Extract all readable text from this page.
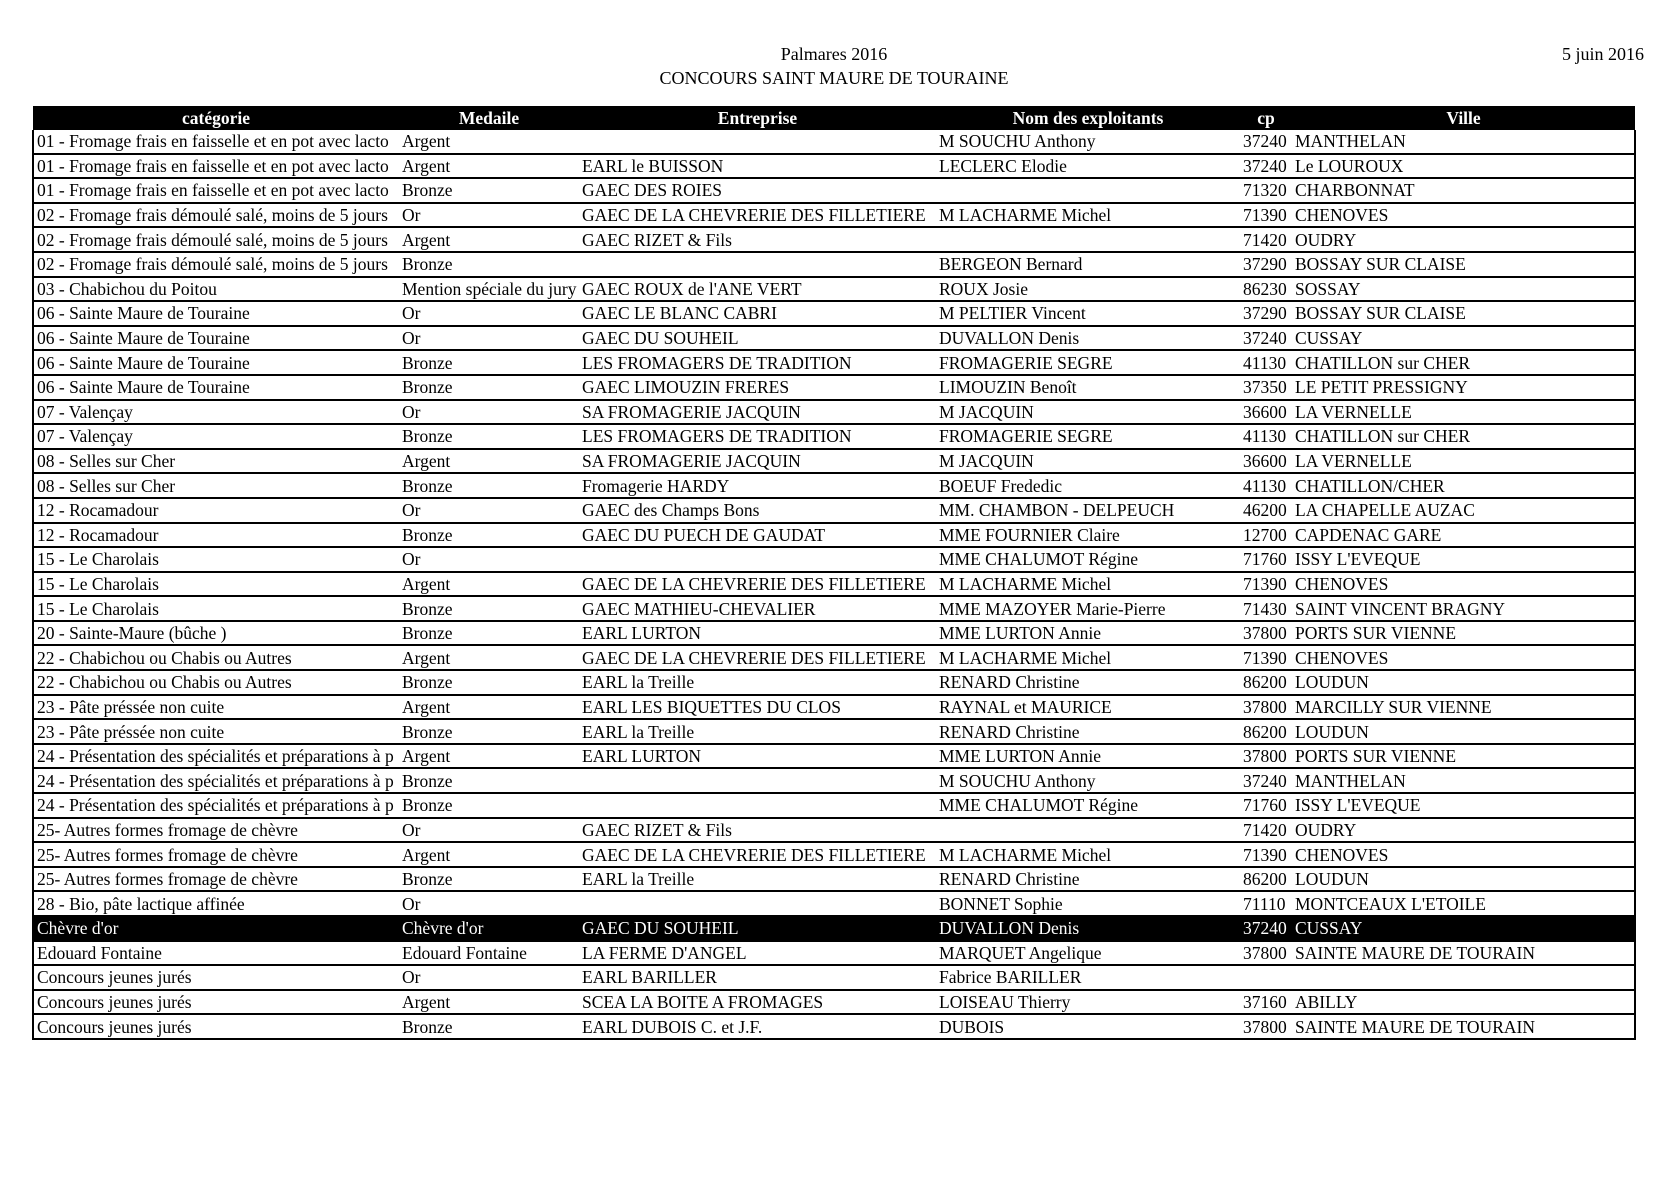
Palmares 2016
CONCOURS SAINT MAURE DE TOURAINE
5 juin 2016
catégorie	Medaile	Entreprise	Nom des exploitants	cp	Ville
01 - Fromage frais en faisselle et en pot avec lacto	Argent		M SOUCHU Anthony	37240	MANTHELAN
01 - Fromage frais en faisselle et en pot avec lacto	Argent	EARL le BUISSON	LECLERC Elodie	37240	Le LOUROUX
01 - Fromage frais en faisselle et en pot avec lacto	Bronze	GAEC DES ROIES		71320	CHARBONNAT
02 - Fromage frais démoulé salé, moins de 5 jours	Or	GAEC DE LA CHEVRERIE DES FILLETIERE	M LACHARME Michel	71390	CHENOVES
02 - Fromage frais démoulé salé, moins de 5 jours	Argent	GAEC RIZET & Fils		71420	OUDRY
02 - Fromage frais démoulé salé, moins de 5 jours	Bronze		BERGEON Bernard	37290	BOSSAY SUR CLAISE
03 - Chabichou du Poitou	Mention spéciale du jury	GAEC ROUX de l'ANE VERT	ROUX Josie	86230	SOSSAY
06 - Sainte Maure de Touraine	Or	GAEC LE BLANC CABRI	M PELTIER Vincent	37290	BOSSAY SUR CLAISE
06 - Sainte Maure de Touraine	Or	GAEC DU SOUHEIL	DUVALLON Denis	37240	CUSSAY
06 - Sainte Maure de Touraine	Bronze	LES FROMAGERS DE TRADITION	FROMAGERIE SEGRE	41130	CHATILLON sur CHER
06 - Sainte Maure de Touraine	Bronze	GAEC LIMOUZIN FRERES	LIMOUZIN Benoît	37350	LE PETIT PRESSIGNY
07 - Valençay	Or	SA FROMAGERIE JACQUIN	M JACQUIN	36600	LA VERNELLE
07 - Valençay	Bronze	LES FROMAGERS DE TRADITION	FROMAGERIE SEGRE	41130	CHATILLON sur CHER
08 - Selles sur Cher	Argent	SA FROMAGERIE JACQUIN	M JACQUIN	36600	LA VERNELLE
08 - Selles sur Cher	Bronze	Fromagerie HARDY	BOEUF Frededic	41130	CHATILLON/CHER
12 - Rocamadour	Or	GAEC des Champs Bons	MM. CHAMBON - DELPEUCH	46200	LA CHAPELLE AUZAC
12 - Rocamadour	Bronze	GAEC DU PUECH DE GAUDAT	MME FOURNIER Claire	12700	CAPDENAC GARE
15 - Le Charolais	Or		MME CHALUMOT Régine	71760	ISSY L'EVEQUE
15 - Le Charolais	Argent	GAEC DE LA CHEVRERIE DES FILLETIERE	M LACHARME Michel	71390	CHENOVES
15 - Le Charolais	Bronze	GAEC MATHIEU-CHEVALIER	MME MAZOYER Marie-Pierre	71430	SAINT VINCENT BRAGNY
20 - Sainte-Maure (bûche )	Bronze	EARL LURTON	MME LURTON Annie	37800	PORTS SUR VIENNE
22 - Chabichou ou Chabis ou Autres	Argent	GAEC DE LA CHEVRERIE DES FILLETIERE	M LACHARME Michel	71390	CHENOVES
22 - Chabichou ou Chabis ou Autres	Bronze	EARL la Treille	RENARD Christine	86200	LOUDUN
23 - Pâte préssée non cuite	Argent	EARL LES BIQUETTES DU CLOS	RAYNAL et MAURICE	37800	MARCILLY SUR VIENNE
23 - Pâte préssée non cuite	Bronze	EARL la Treille	RENARD Christine	86200	LOUDUN
24 - Présentation des spécialités et préparations à p	Argent	EARL LURTON	MME LURTON Annie	37800	PORTS SUR VIENNE
24 - Présentation des spécialités et préparations à p	Bronze		M SOUCHU Anthony	37240	MANTHELAN
24 - Présentation des spécialités et préparations à p	Bronze		MME CHALUMOT Régine	71760	ISSY L'EVEQUE
25- Autres formes fromage de chèvre	Or	GAEC RIZET & Fils		71420	OUDRY
25- Autres formes fromage de chèvre	Argent	GAEC DE LA CHEVRERIE DES FILLETIERE	M LACHARME Michel	71390	CHENOVES
25- Autres formes fromage de chèvre	Bronze	EARL la Treille	RENARD Christine	86200	LOUDUN
28 - Bio, pâte lactique affinée	Or		BONNET Sophie	71110	MONTCEAUX L'ETOILE
Chèvre d'or	Chèvre d'or	GAEC DU SOUHEIL	DUVALLON Denis	37240	CUSSAY
Edouard Fontaine	Edouard Fontaine	LA FERME D'ANGEL	MARQUET Angelique	37800	SAINTE MAURE DE TOURAIN
Concours jeunes jurés	Or	EARL BARILLER	Fabrice BARILLER		
Concours jeunes jurés	Argent	SCEA LA BOITE A FROMAGES	LOISEAU Thierry	37160	ABILLY
Concours jeunes jurés	Bronze	EARL DUBOIS C. et J.F.	DUBOIS	37800	SAINTE MAURE DE TOURAIN
